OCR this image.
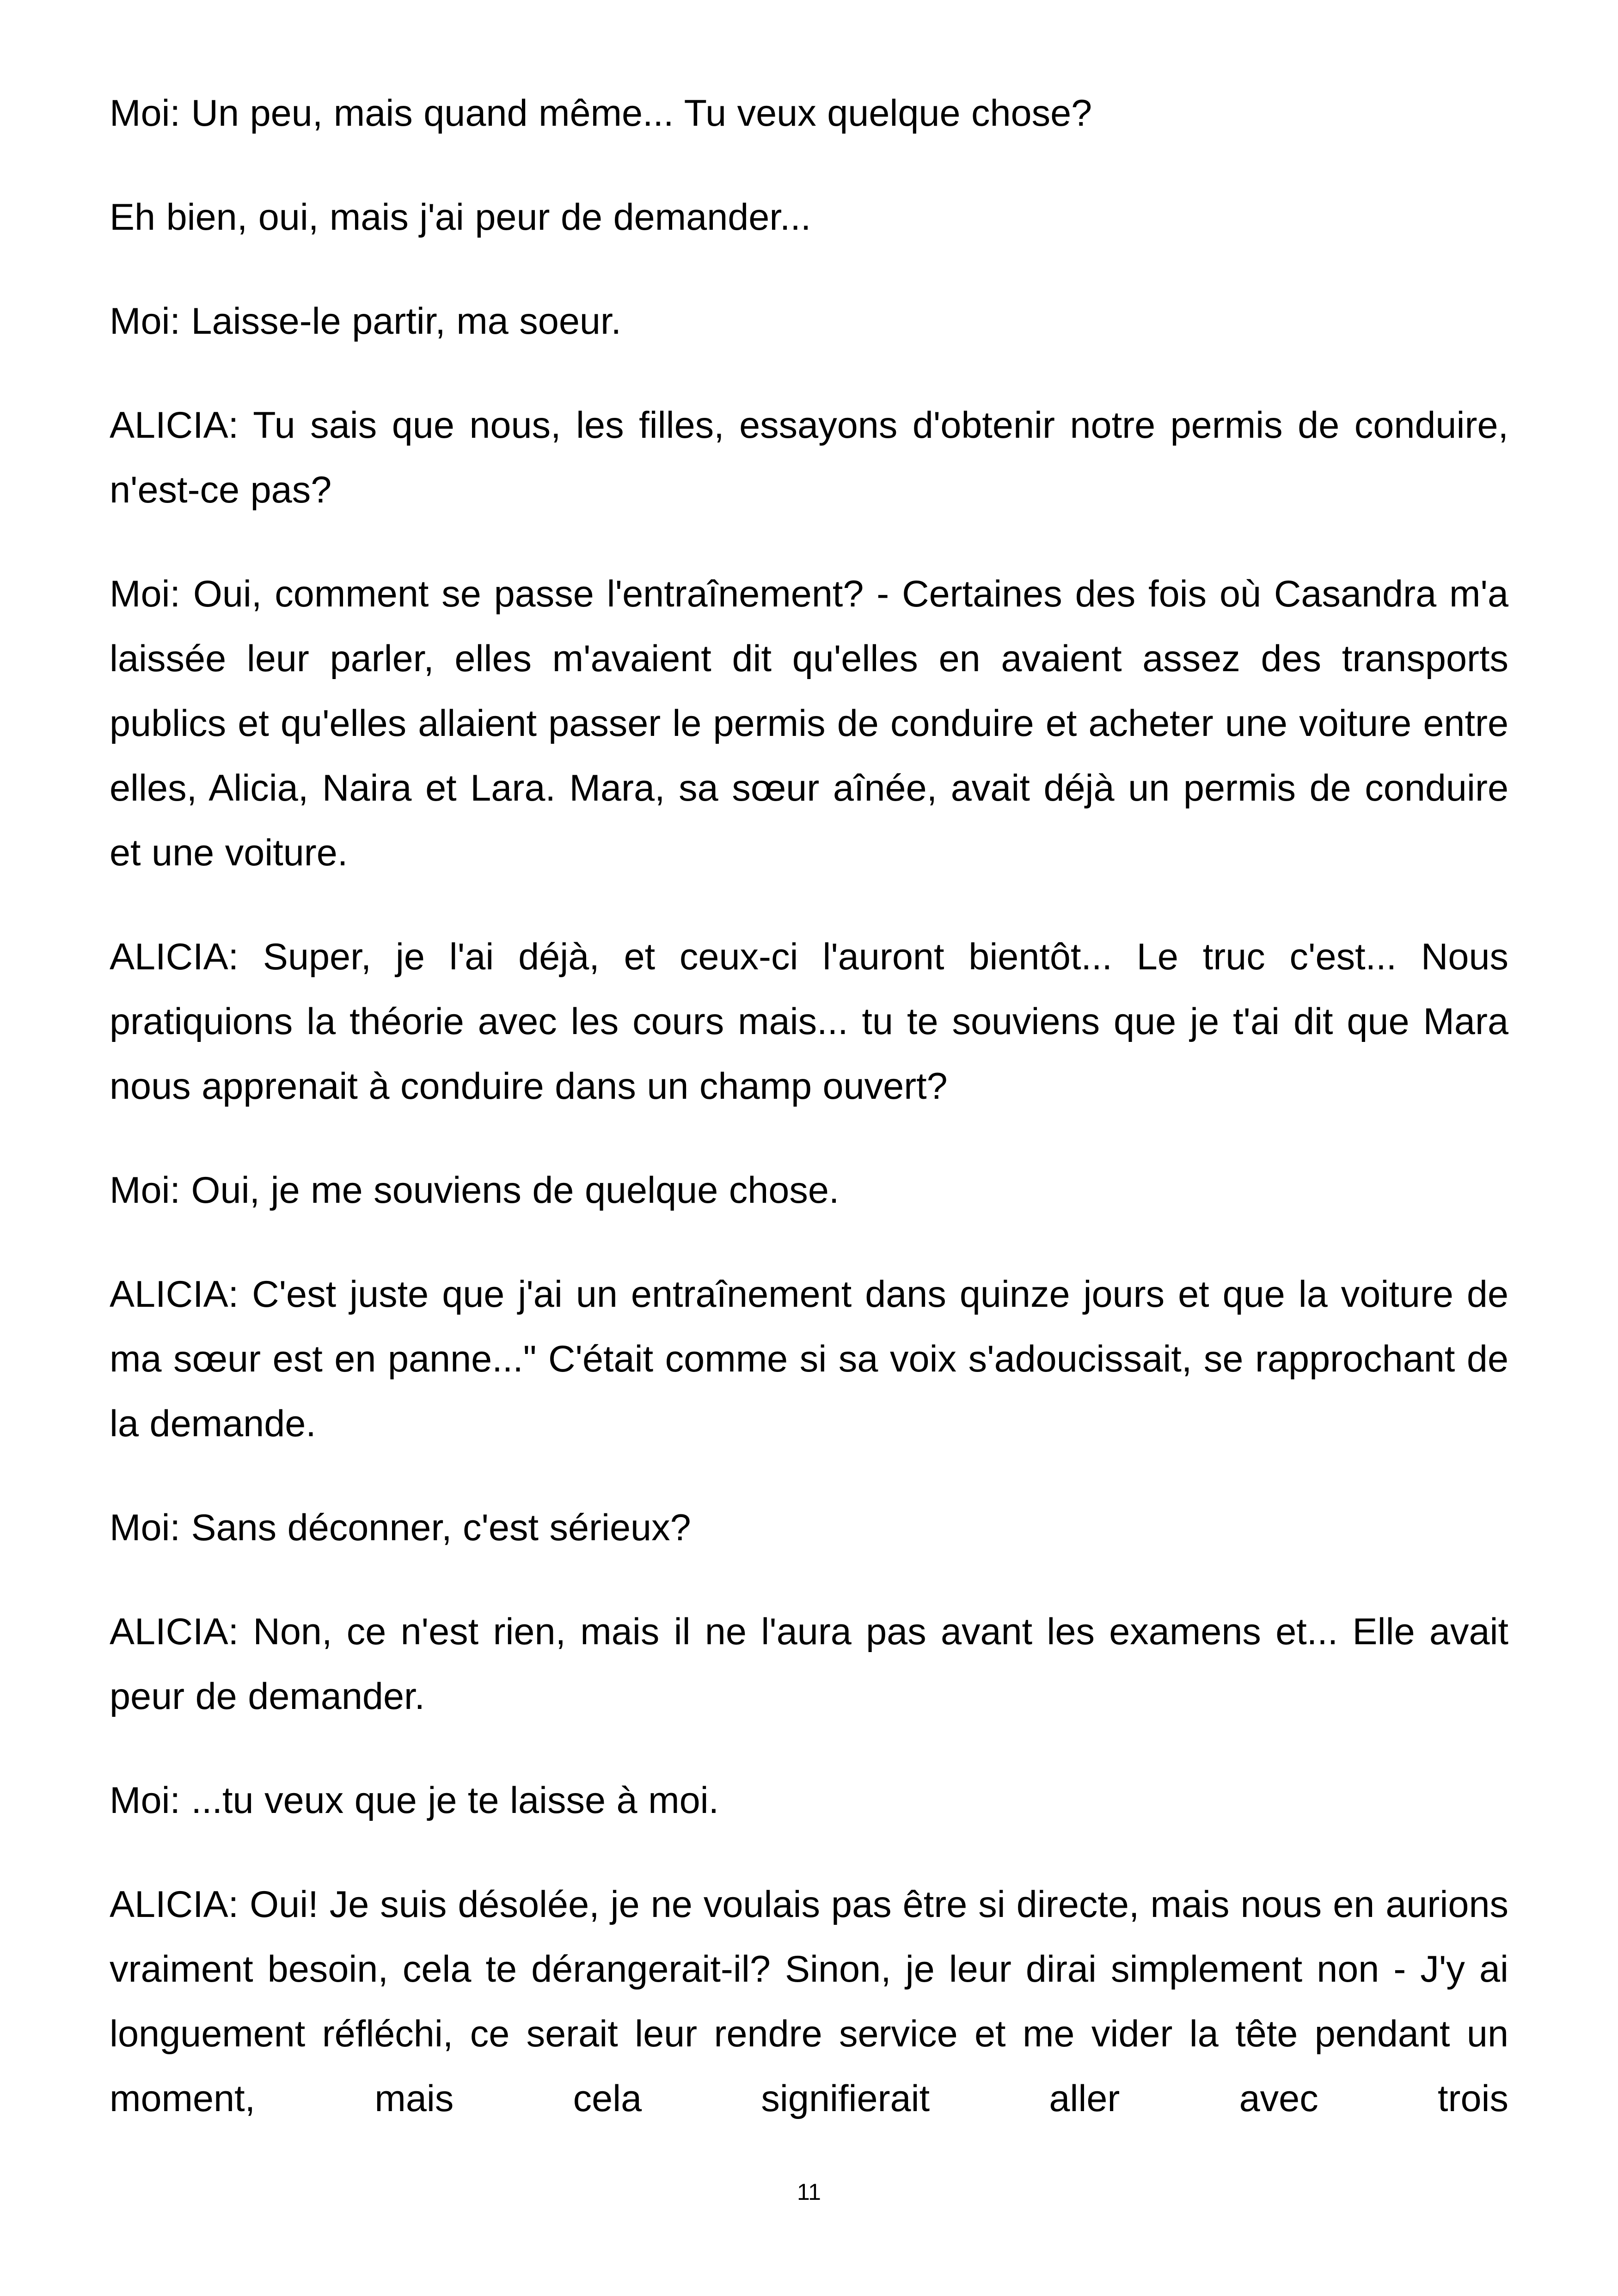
Moi: Un peu, mais quand même... Tu veux quelque chose?

Eh bien, oui, mais j'ai peur de demander...

Moi: Laisse-le partir, ma soeur.

ALICIA: Tu sais que nous, les filles, essayons d'obtenir notre permis de conduire, n'est-ce pas?

Moi: Oui, comment se passe l'entraînement? - Certaines des fois où Casandra m'a laissée leur parler, elles m'avaient dit qu'elles en avaient assez des transports publics et qu'elles allaient passer le permis de conduire et acheter une voiture entre elles, Alicia, Naira et Lara. Mara, sa sœur aînée, avait déjà un permis de conduire et une voiture.

ALICIA: Super, je l'ai déjà, et ceux-ci l'auront bientôt... Le truc c'est... Nous pratiquions la théorie avec les cours mais... tu te souviens que je t'ai dit que Mara nous apprenait à conduire dans un champ ouvert?

Moi: Oui, je me souviens de quelque chose.

ALICIA: C'est juste que j'ai un entraînement dans quinze jours et que la voiture de ma sœur est en panne..." C'était comme si sa voix s'adoucissait, se rapprochant de la demande.

Moi: Sans déconner, c'est sérieux?

ALICIA: Non, ce n'est rien, mais il ne l'aura pas avant les examens et... Elle avait peur de demander.

Moi: ...tu veux que je te laisse à moi.

ALICIA: Oui! Je suis désolée, je ne voulais pas être si directe, mais nous en aurions vraiment besoin, cela te dérangerait-il? Sinon, je leur dirai simplement non - J'y ai longuement réfléchi, ce serait leur rendre service et me vider la tête pendant un moment, mais cela signifierait aller avec trois

11
